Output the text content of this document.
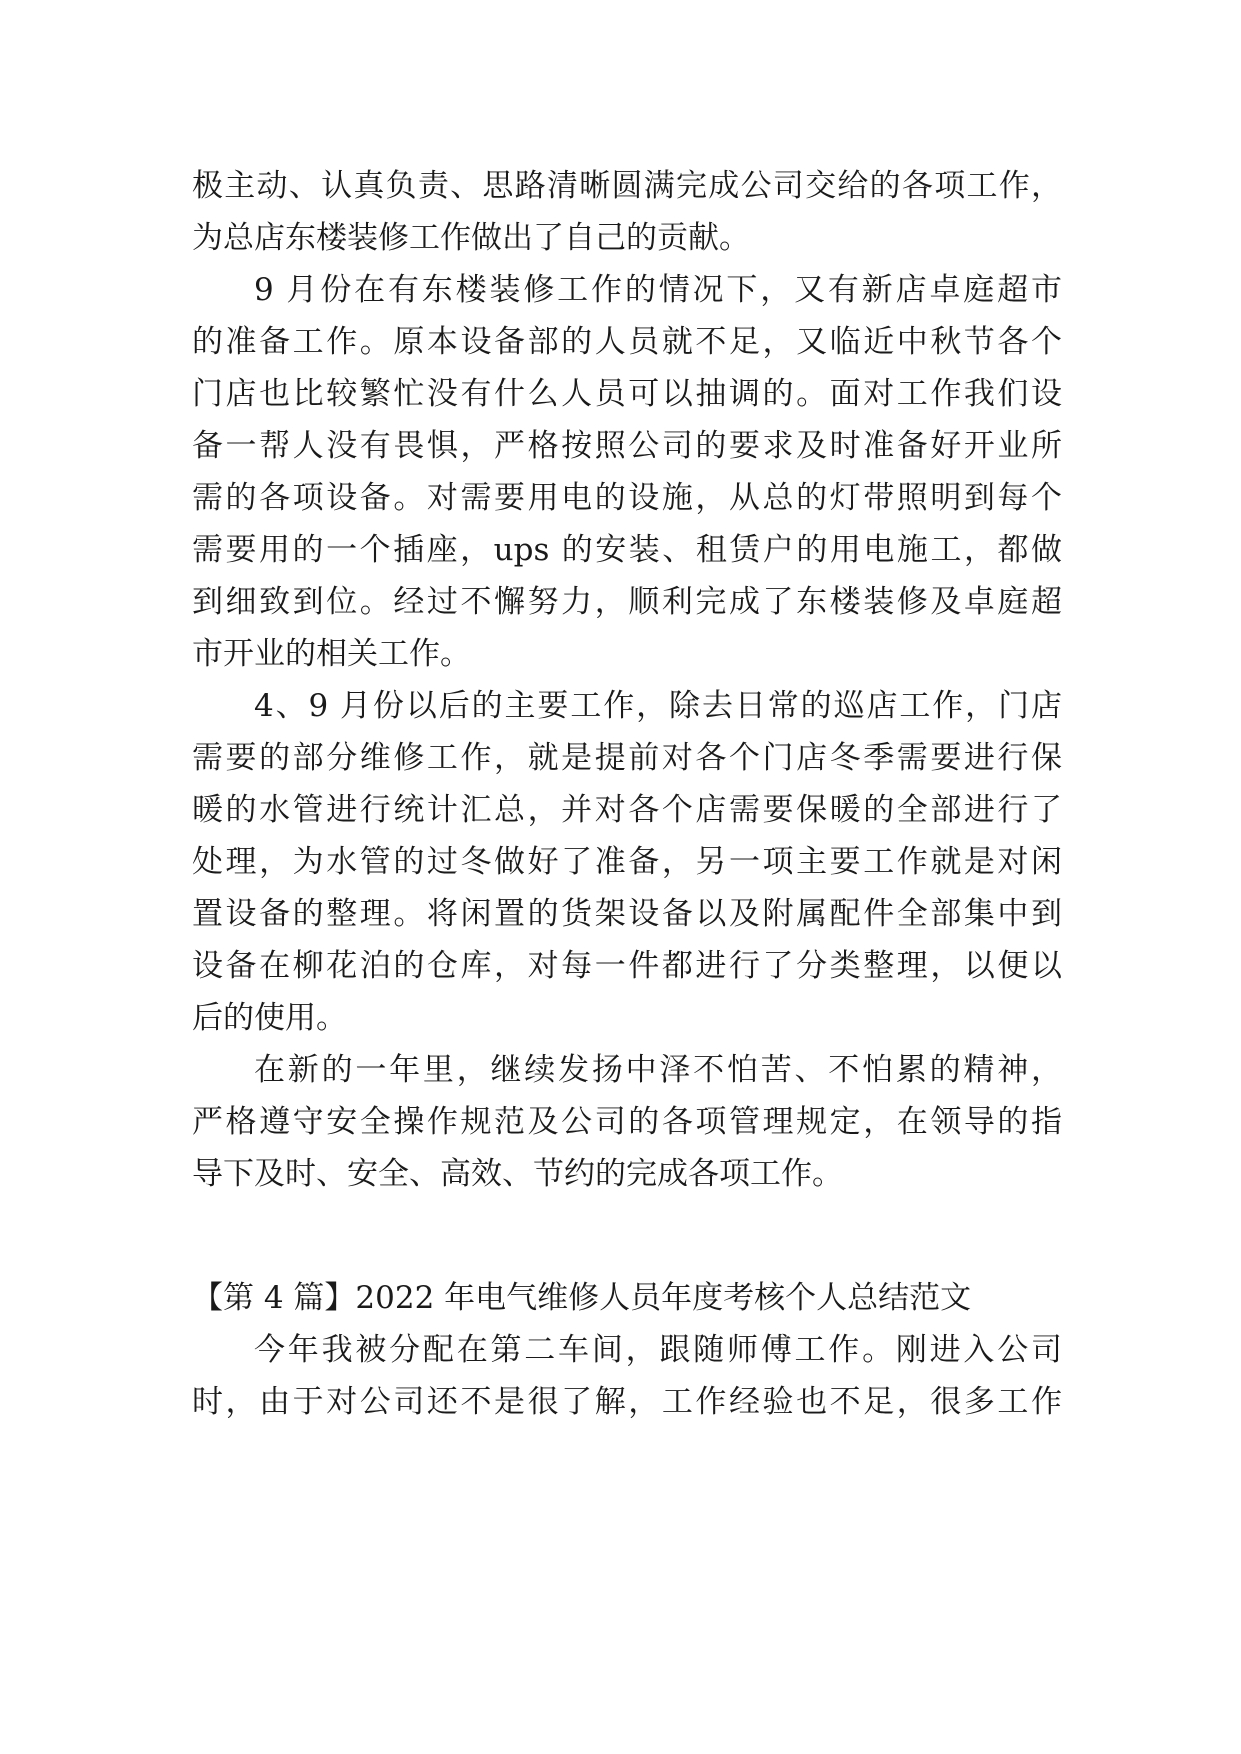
极主动、认真负责、思路清晰圆满完成公司交给的各项工作，
为总店东楼装修工作做出了自己的贡献。
9 月份在有东楼装修工作的情况下，又有新店卓庭超市
的准备工作。原本设备部的人员就不足，又临近中秋节各个
门店也比较繁忙没有什么人员可以抽调的。面对工作我们设
备一帮人没有畏惧，严格按照公司的要求及时准备好开业所
需的各项设备。对需要用电的设施，从总的灯带照明到每个
需要用的一个插座，ups 的安装、租赁户的用电施工，都做
到细致到位。经过不懈努力，顺利完成了东楼装修及卓庭超
市开业的相关工作。
4、9 月份以后的主要工作，除去日常的巡店工作，门店
需要的部分维修工作，就是提前对各个门店冬季需要进行保
暖的水管进行统计汇总，并对各个店需要保暖的全部进行了
处理，为水管的过冬做好了准备，另一项主要工作就是对闲
置设备的整理。将闲置的货架设备以及附属配件全部集中到
设备在柳花泊的仓库，对每一件都进行了分类整理，以便以
后的使用。
在新的一年里，继续发扬中泽不怕苦、不怕累的精神，
严格遵守安全操作规范及公司的各项管理规定，在领导的指
导下及时、安全、高效、节约的完成各项工作。
【第 4 篇】2022 年电气维修人员年度考核个人总结范文
今年我被分配在第二车间，跟随师傅工作。刚进入公司
时，由于对公司还不是很了解，工作经验也不足，很多工作
